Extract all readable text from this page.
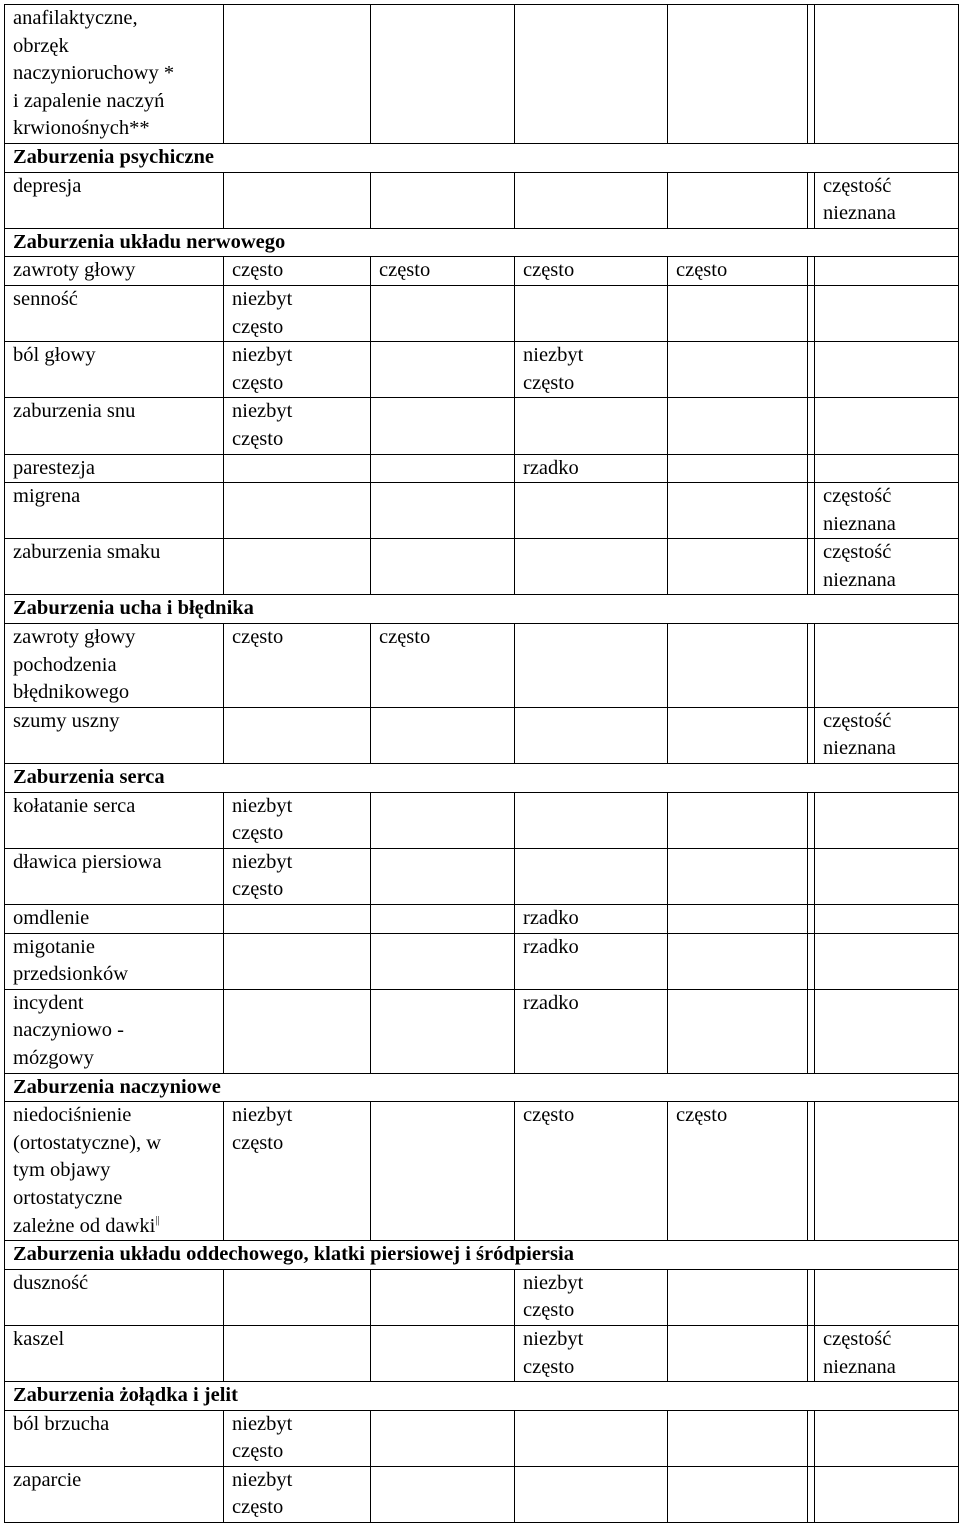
anafilaktyczne,
obrzęk
naczynioruchowy *
i zapalenie naczyń
krwionośnych**						

Zaburzenia psychiczne						

depresja						częstość
nieznana

Zaburzenia układu nerwowego						

zawroty głowy	często	często	często	często		

senność	niezbyt
często					

ból głowy	niezbyt
często		niezbyt
często			

zaburzenia snu	niezbyt
często					

parestezja			rzadko			

migrena						częstość
nieznana

zaburzenia smaku						częstość
nieznana

Zaburzenia ucha i błędnika						

zawroty głowy
pochodzenia
błędnikowego	często	często				

szumy uszny						częstość
nieznana

Zaburzenia serca						

kołatanie serca	niezbyt
często					

dławica piersiowa	niezbyt
często					

omdlenie			rzadko			

migotanie
przedsionków			rzadko			

incydent
naczyniowo -
mózgowy			rzadko			

Zaburzenia naczyniowe						

niedociśnienie
(ortostatyczne), w
tym objawy
ortostatyczne
zależne od dawki||	niezbyt
często		często	często		

Zaburzenia układu oddechowego, klatki piersiowej i śródpiersia						

duszność			niezbyt
często			

kaszel			niezbyt
często			częstość
nieznana

Zaburzenia żołądka i jelit						

ból brzucha	niezbyt
często					

zaparcie	niezbyt
często					
